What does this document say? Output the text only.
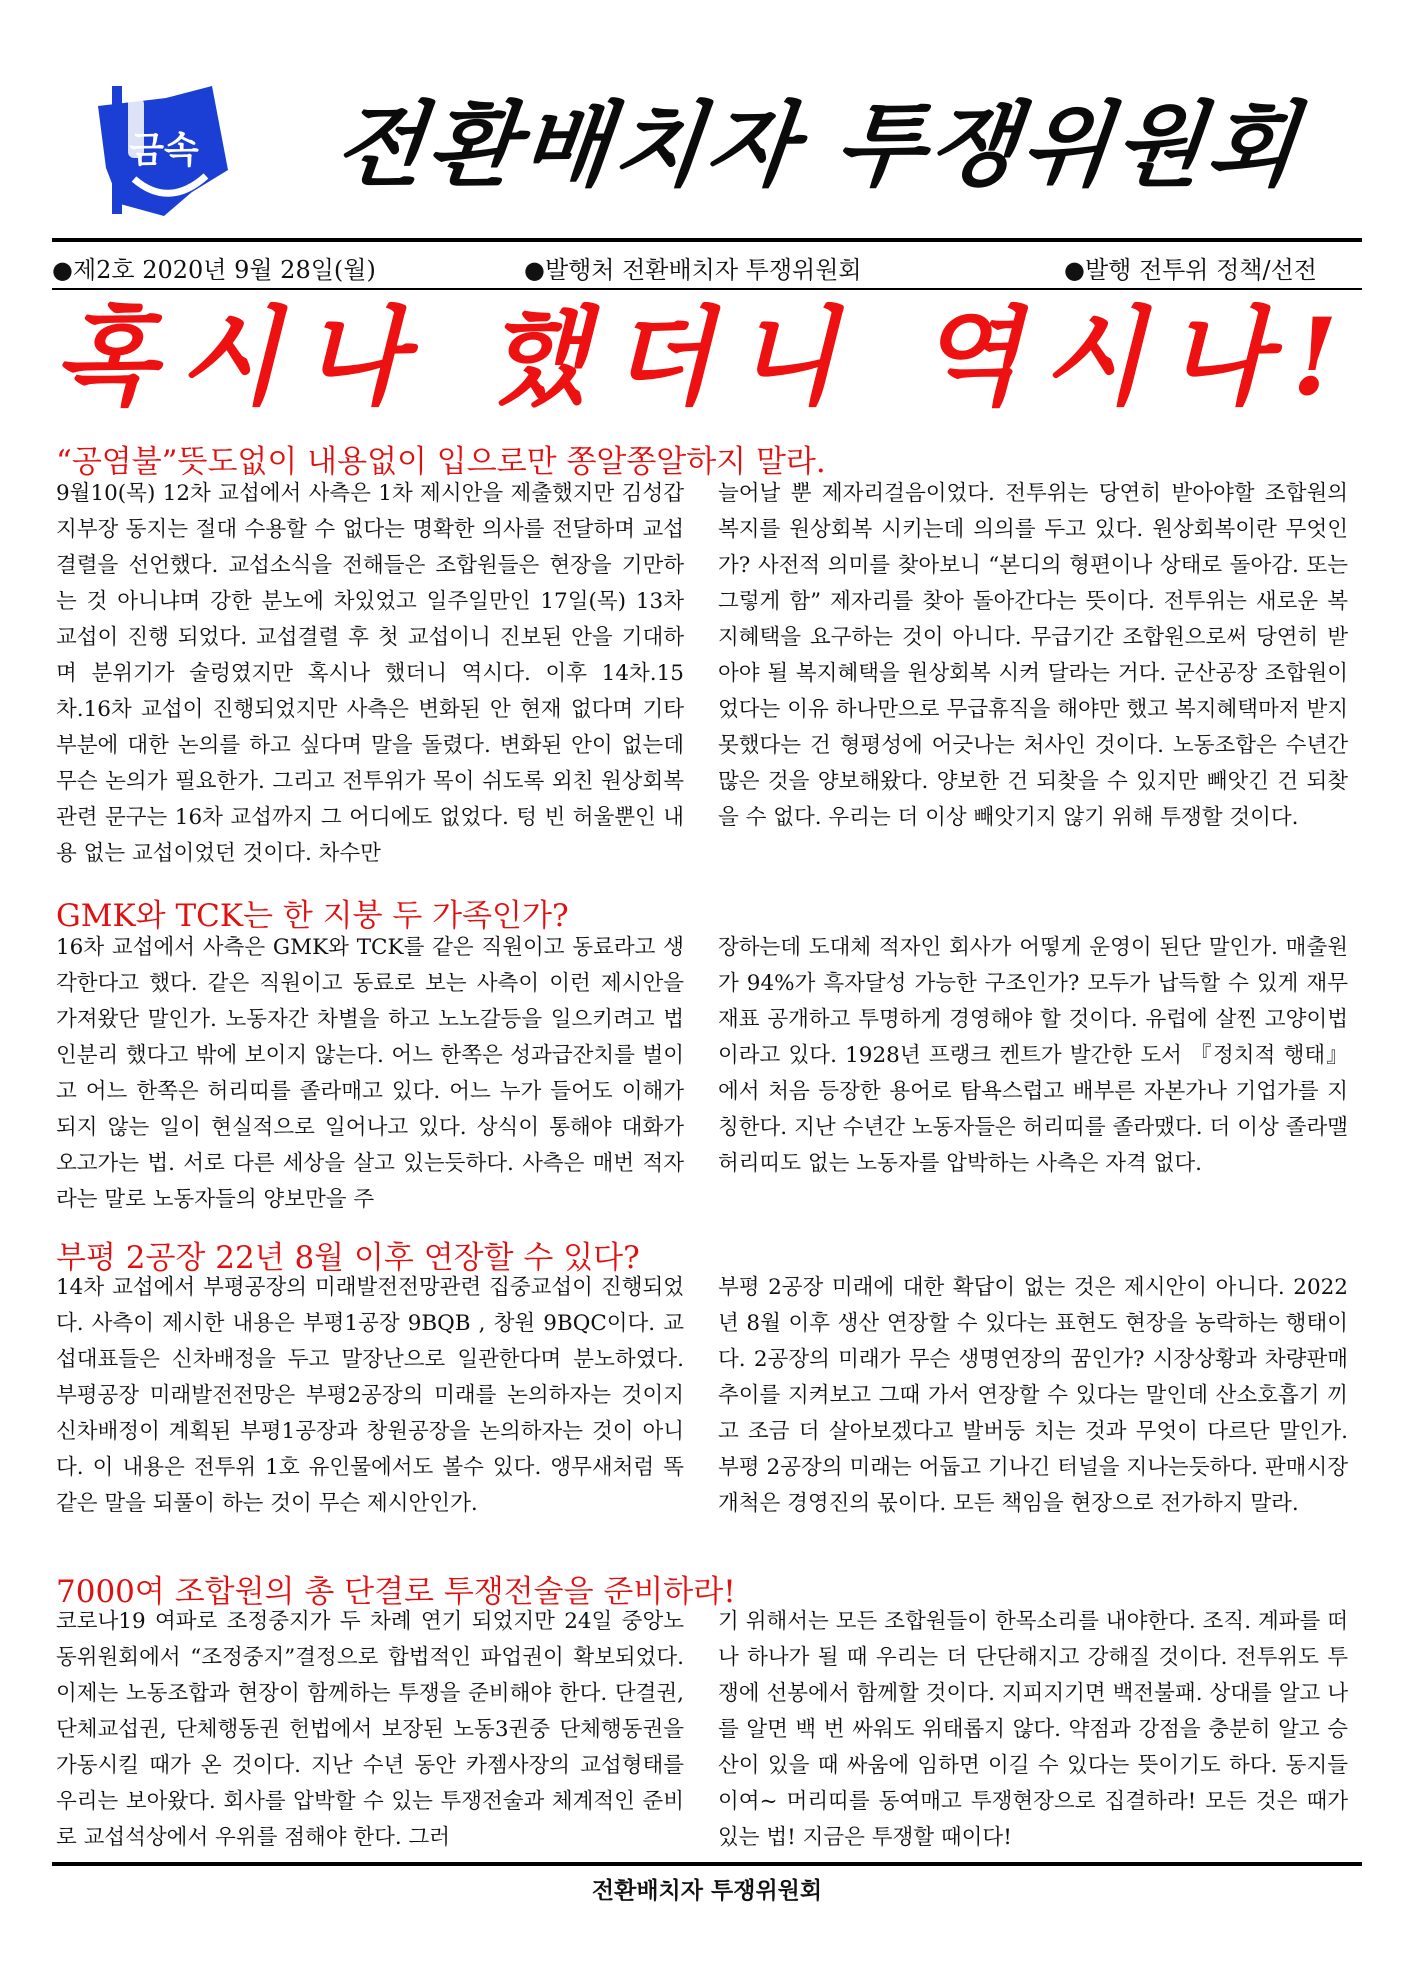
금속	전환배치자 투쟁위원회
●제2호 2020년 9월 28일(월)	●발행처 전환배치자 투쟁위원회	●발행 전투위 정책/선전
혹시나 했더니 역시나!
“공염불”뜻도없이 내용없이 입으로만 쫑알쫑알하지 말라.
9월10(목) 12차 교섭에서 사측은 1차 제시안을 제출했지만 김성갑 지부장 동지는 절대 수용할 수 없다는 명확한 의사를 전달하며 교섭결렬을 선언했다. 교섭소식을 전해들은 조합원들은 현장을 기만하는 것 아니냐며 강한 분노에 차있었고 일주일만인 17일(목) 13차 교섭이 진행 되었다. 교섭결렬 후 첫 교섭이니 진보된 안을 기대하며 분위기가 술렁였지만 혹시나 했더니 역시다. 이후 14차.15차.16차 교섭이 진행되었지만 사측은 변화된 안 현재 없다며 기타부분에 대한 논의를 하고 싶다며 말을 돌렸다. 변화된 안이 없는데 무슨 논의가 필요한가. 그리고 전투위가 목이 쉬도록 외친 원상회복 관련 문구는 16차 교섭까지 그 어디에도 없었다. 텅 빈 허울뿐인 내용 없는 교섭이었던 것이다. 차수만
늘어날 뿐 제자리걸음이었다. 전투위는 당연히 받아야할 조합원의 복지를 원상회복 시키는데 의의를 두고 있다. 원상회복이란 무엇인가? 사전적 의미를 찾아보니 “본디의 형편이나 상태로 돌아감. 또는 그렇게 함” 제자리를 찾아 돌아간다는 뜻이다. 전투위는 새로운 복지혜택을 요구하는 것이 아니다. 무급기간 조합원으로써 당연히 받아야 될 복지혜택을 원상회복 시켜 달라는 거다. 군산공장 조합원이었다는 이유 하나만으로 무급휴직을 해야만 했고 복지혜택마저 받지 못했다는 건 형평성에 어긋나는 처사인 것이다. 노동조합은 수년간 많은 것을 양보해왔다. 양보한 건 되찾을 수 있지만 빼앗긴 건 되찾을 수 없다. 우리는 더 이상 빼앗기지 않기 위해 투쟁할 것이다.
GMK와 TCK는 한 지붕 두 가족인가?
16차 교섭에서 사측은 GMK와 TCK를 같은 직원이고 동료라고 생각한다고 했다. 같은 직원이고 동료로 보는 사측이 이런 제시안을 가져왔단 말인가. 노동자간 차별을 하고 노노갈등을 일으키려고 법인분리 했다고 밖에 보이지 않는다. 어느 한쪽은 성과급잔치를 벌이고 어느 한쪽은 허리띠를 졸라매고 있다. 어느 누가 들어도 이해가 되지 않는 일이 현실적으로 일어나고 있다. 상식이 통해야 대화가 오고가는 법. 서로 다른 세상을 살고 있는듯하다. 사측은 매번 적자라는 말로 노동자들의 양보만을 주
장하는데 도대체 적자인 회사가 어떻게 운영이 된단 말인가. 매출원가 94%가 흑자달성 가능한 구조인가? 모두가 납득할 수 있게 재무재표 공개하고 투명하게 경영해야 할 것이다. 유럽에 살찐 고양이법이라고 있다. 1928년 프랭크 켄트가 발간한 도서 『정치적 행태』에서 처음 등장한 용어로 탐욕스럽고 배부른 자본가나 기업가를 지칭한다. 지난 수년간 노동자들은 허리띠를 졸라맸다. 더 이상 졸라맬 허리띠도 없는 노동자를 압박하는 사측은 자격 없다.
부평 2공장 22년 8월 이후 연장할 수 있다?
14차 교섭에서 부평공장의 미래발전전망관련 집중교섭이 진행되었다. 사측이 제시한 내용은 부평1공장 9BQB , 창원 9BQC이다. 교섭대표들은 신차배정을 두고 말장난으로 일관한다며 분노하였다. 부평공장 미래발전전망은 부평2공장의 미래를 논의하자는 것이지 신차배정이 계획된 부평1공장과 창원공장을 논의하자는 것이 아니다. 이 내용은 전투위 1호 유인물에서도 볼수 있다. 앵무새처럼 똑같은 말을 되풀이 하는 것이 무슨 제시안인가.
부평 2공장 미래에 대한 확답이 없는 것은 제시안이 아니다. 2022년 8월 이후 생산 연장할 수 있다는 표현도 현장을 농락하는 행태이다. 2공장의 미래가 무슨 생명연장의 꿈인가? 시장상황과 차량판매추이를 지켜보고 그때 가서 연장할 수 있다는 말인데 산소호흡기 끼고 조금 더 살아보겠다고 발버둥 치는 것과 무엇이 다르단 말인가. 부평 2공장의 미래는 어둡고 기나긴 터널을 지나는듯하다. 판매시장 개척은 경영진의 몫이다. 모든 책임을 현장으로 전가하지 말라.
7000여 조합원의 총 단결로 투쟁전술을 준비하라!
코로나19 여파로 조정중지가 두 차례 연기 되었지만 24일 중앙노동위원회에서 “조정중지”결정으로 합법적인 파업권이 확보되었다. 이제는 노동조합과 현장이 함께하는 투쟁을 준비해야 한다. 단결권, 단체교섭권, 단체행동권 헌법에서 보장된 노동3권중 단체행동권을 가동시킬 때가 온 것이다. 지난 수년 동안 카젬사장의 교섭형태를 우리는 보아왔다. 회사를 압박할 수 있는 투쟁전술과 체계적인 준비로 교섭석상에서 우위를 점해야 한다. 그러
기 위해서는 모든 조합원들이 한목소리를 내야한다. 조직. 계파를 떠나 하나가 될 때 우리는 더 단단해지고 강해질 것이다. 전투위도 투쟁에 선봉에서 함께할 것이다. 지피지기면 백전불패. 상대를 알고 나를 알면 백 번 싸워도 위태롭지 않다. 약점과 강점을 충분히 알고 승산이 있을 때 싸움에 임하면 이길 수 있다는 뜻이기도 하다. 동지들이여~ 머리띠를 동여매고 투쟁현장으로 집결하라! 모든 것은 때가 있는 법! 지금은 투쟁할 때이다!
전환배치자 투쟁위원회
